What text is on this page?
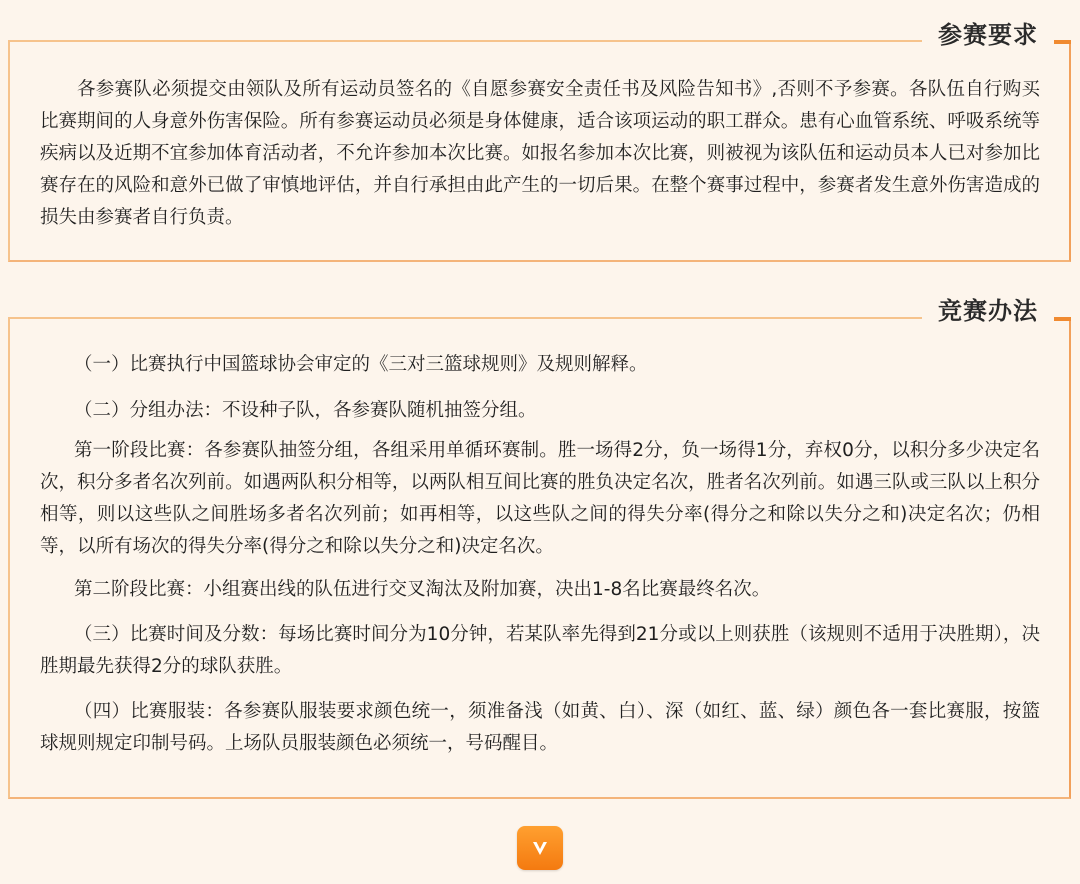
参赛要求
各参赛队必须提交由领队及所有运动员签名的《自愿参赛安全责任书及风险告知书》,否则不予参赛。各队伍自行购买比赛期间的人身意外伤害保险。所有参赛运动员必须是身体健康，适合该项运动的职工群众。患有心血管系统、呼吸系统等疾病以及近期不宜参加体育活动者，不允许参加本次比赛。如报名参加本次比赛，则被视为该队伍和运动员本人已对参加比赛存在的风险和意外已做了审慎地评估，并自行承担由此产生的一切后果。在整个赛事过程中，参赛者发生意外伤害造成的损失由参赛者自行负责。
竞赛办法
（一）比赛执行中国篮球协会审定的《三对三篮球规则》及规则解释。
（二）分组办法：不设种子队，各参赛队随机抽签分组。
第一阶段比赛：各参赛队抽签分组，各组采用单循环赛制。胜一场得2分，负一场得1分，弃权0分，以积分多少决定名次，积分多者名次列前。如遇两队积分相等，以两队相互间比赛的胜负决定名次，胜者名次列前。如遇三队或三队以上积分相等，则以这些队之间胜场多者名次列前；如再相等，以这些队之间的得失分率(得分之和除以失分之和)决定名次；仍相等，以所有场次的得失分率(得分之和除以失分之和)决定名次。
第二阶段比赛：小组赛出线的队伍进行交叉淘汰及附加赛，决出1-8名比赛最终名次。
（三）比赛时间及分数：每场比赛时间分为10分钟，若某队率先得到21分或以上则获胜（该规则不适用于决胜期），决胜期最先获得2分的球队获胜。
（四）比赛服装：各参赛队服装要求颜色统一，须准备浅（如黄、白）、深（如红、蓝、绿）颜色各一套比赛服，按篮球规则规定印制号码。上场队员服装颜色必须统一，号码醒目。
